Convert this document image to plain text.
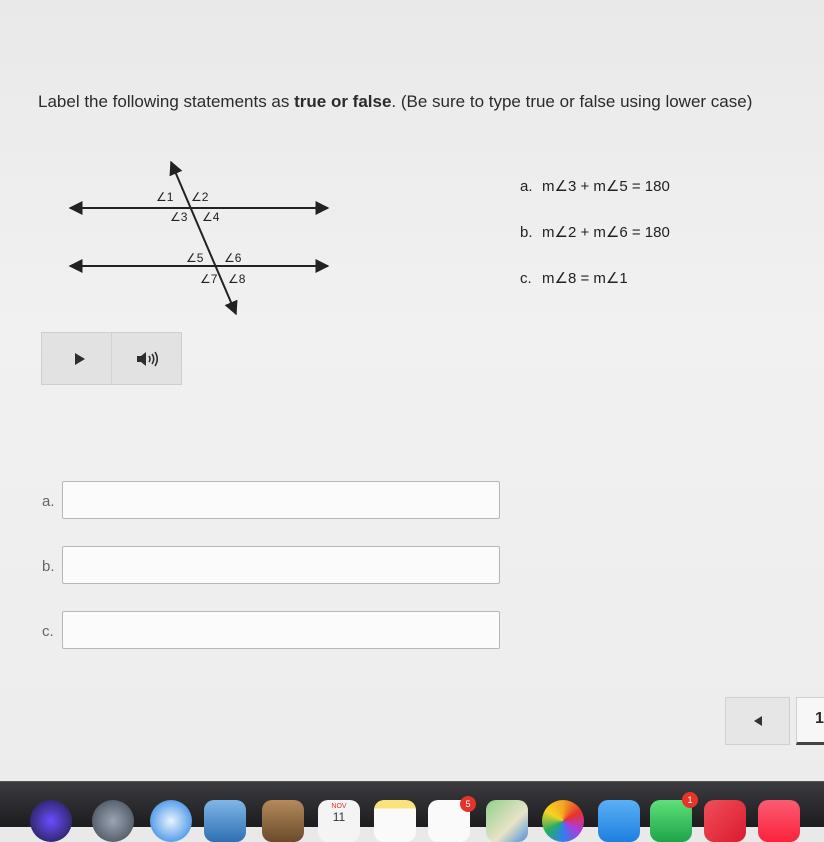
Label the following statements as true or false. (Be sure to type true or false using lower case)
∠1 ∠2
∠3 ∠4
∠5 ∠6
∠7 ∠8
a. m∠3 + m∠5 = 180
b. m∠2 + m∠6 = 180
c. m∠8 = m∠1
a.
b.
c.
1
NOV
11
5	1
